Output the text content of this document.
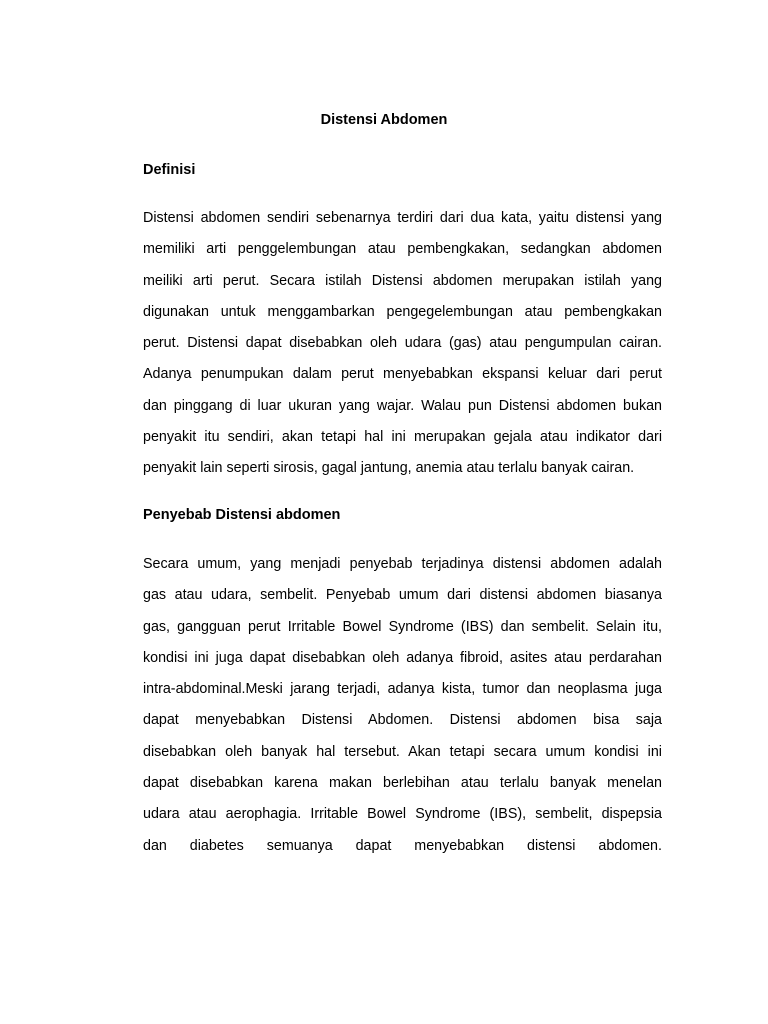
Distensi Abdomen
Definisi
Distensi abdomen sendiri sebenarnya terdiri dari dua kata, yaitu distensi yang
memiliki arti penggelembungan atau pembengkakan, sedangkan abdomen
meiliki arti perut. Secara istilah Distensi abdomen merupakan istilah yang
digunakan untuk menggambarkan pengegelembungan atau pembengkakan
perut. Distensi dapat disebabkan oleh udara (gas) atau pengumpulan cairan.
Adanya penumpukan dalam perut menyebabkan ekspansi keluar dari perut
dan pinggang di luar ukuran yang wajar. Walau pun Distensi abdomen bukan
penyakit itu sendiri, akan tetapi hal ini merupakan gejala atau indikator dari
penyakit lain seperti sirosis, gagal jantung, anemia atau terlalu banyak cairan.
Penyebab Distensi abdomen
Secara umum, yang menjadi penyebab terjadinya distensi abdomen adalah
gas atau udara, sembelit. Penyebab umum dari distensi abdomen biasanya
gas, gangguan perut Irritable Bowel Syndrome (IBS) dan sembelit. Selain itu,
kondisi ini juga dapat disebabkan oleh adanya fibroid, asites atau perdarahan
intra-abdominal.Meski jarang terjadi, adanya kista, tumor dan neoplasma juga
dapat menyebabkan Distensi Abdomen. Distensi abdomen bisa saja
disebabkan oleh banyak hal tersebut. Akan tetapi secara umum kondisi ini
dapat disebabkan karena makan berlebihan atau terlalu banyak menelan
udara atau aerophagia. Irritable Bowel Syndrome (IBS), sembelit, dispepsia
dan diabetes semuanya dapat menyebabkan distensi abdomen.
